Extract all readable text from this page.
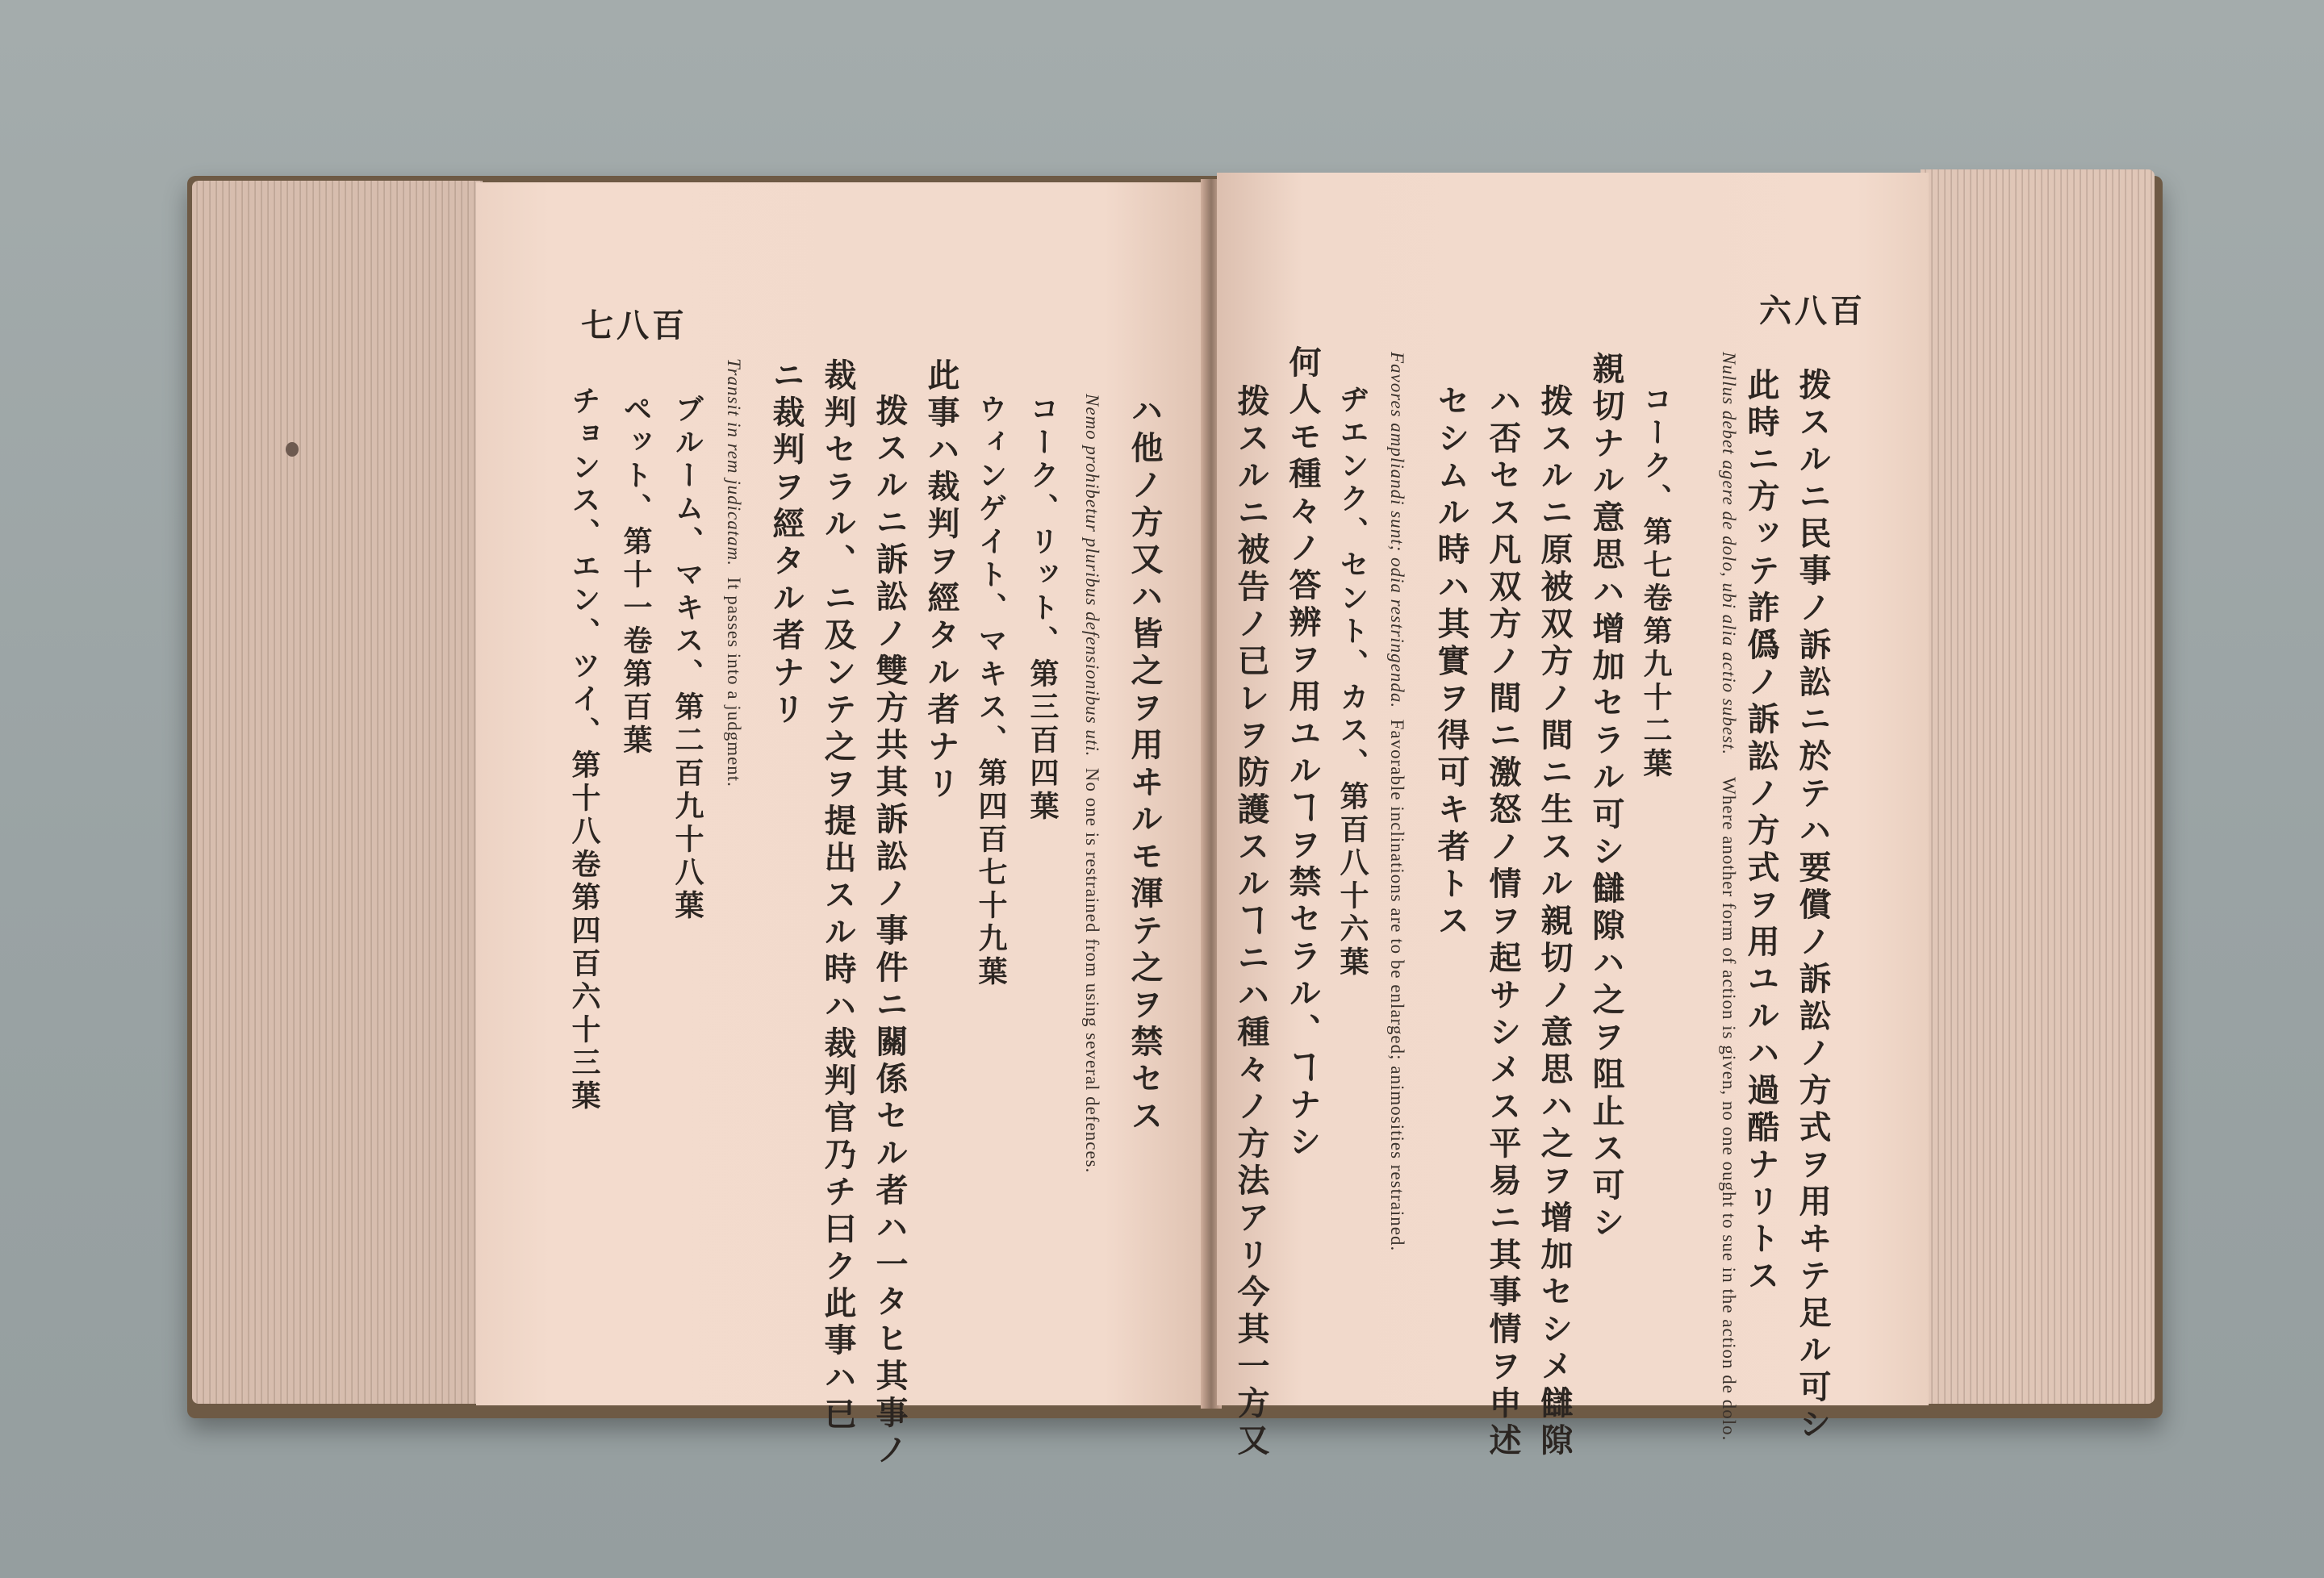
七八百
ハ他ノ方又ハ皆之ヲ用ヰルモ渾テ之ヲ禁セス
Nemo prohibetur pluribus defensionibus uti.  No one is restrained from using several defences.
コーク、リット、第三百四葉
ウィンゲイト、マキス、第四百七十九葉
此事ハ裁判ヲ經タル者ナリ
拨スルニ訴訟ノ雙方共其訴訟ノ事件ニ關係セル者ハ一タヒ其事ノ
裁判セラル、ニ及ンテ之ヲ提出スル時ハ裁判官乃チ曰ク此事ハ已
ニ裁判ヲ經タル者ナリ
Transit in rem judicatam.  It passes into a judgment.
ブルーム、マキス、第二百九十八葉
ペット、第十一卷第百葉
チョンス、エン、ツイ、第十八卷第四百六十三葉
六八百
拨スルニ民事ノ訴訟ニ於テハ要償ノ訴訟ノ方式ヲ用ヰテ足ル可シ
此時ニ方ッテ詐僞ノ訴訟ノ方式ヲ用ユルハ過酷ナリトス
Nullus debet agere de dolo, ubi alia actio subest.    Where another form of action is given, no one ought to sue in the action de dolo.
コーク、第七卷第九十二葉
親切ナル意思ハ增加セラル可シ讎隙ハ之ヲ阻止ス可シ
拨スルニ原被双方ノ間ニ生スル親切ノ意思ハ之ヲ增加セシメ讎隙
ハ否セス凡双方ノ間ニ激怒ノ情ヲ起サシメス平易ニ其事情ヲ申述
セシムル時ハ其實ヲ得可キ者トス
Favores ampliandi sunt; odia restringenda.  Favorable inclinations are to be enlarged; animosities restrained.
ヂエンク、セント、カス、第百八十六葉
何人モ種々ノ答辨ヲ用ユルヿヲ禁セラル、ヿナシ
拨スルニ被告ノ已レヲ防護スルヿニハ種々ノ方法アリ今其一方又
